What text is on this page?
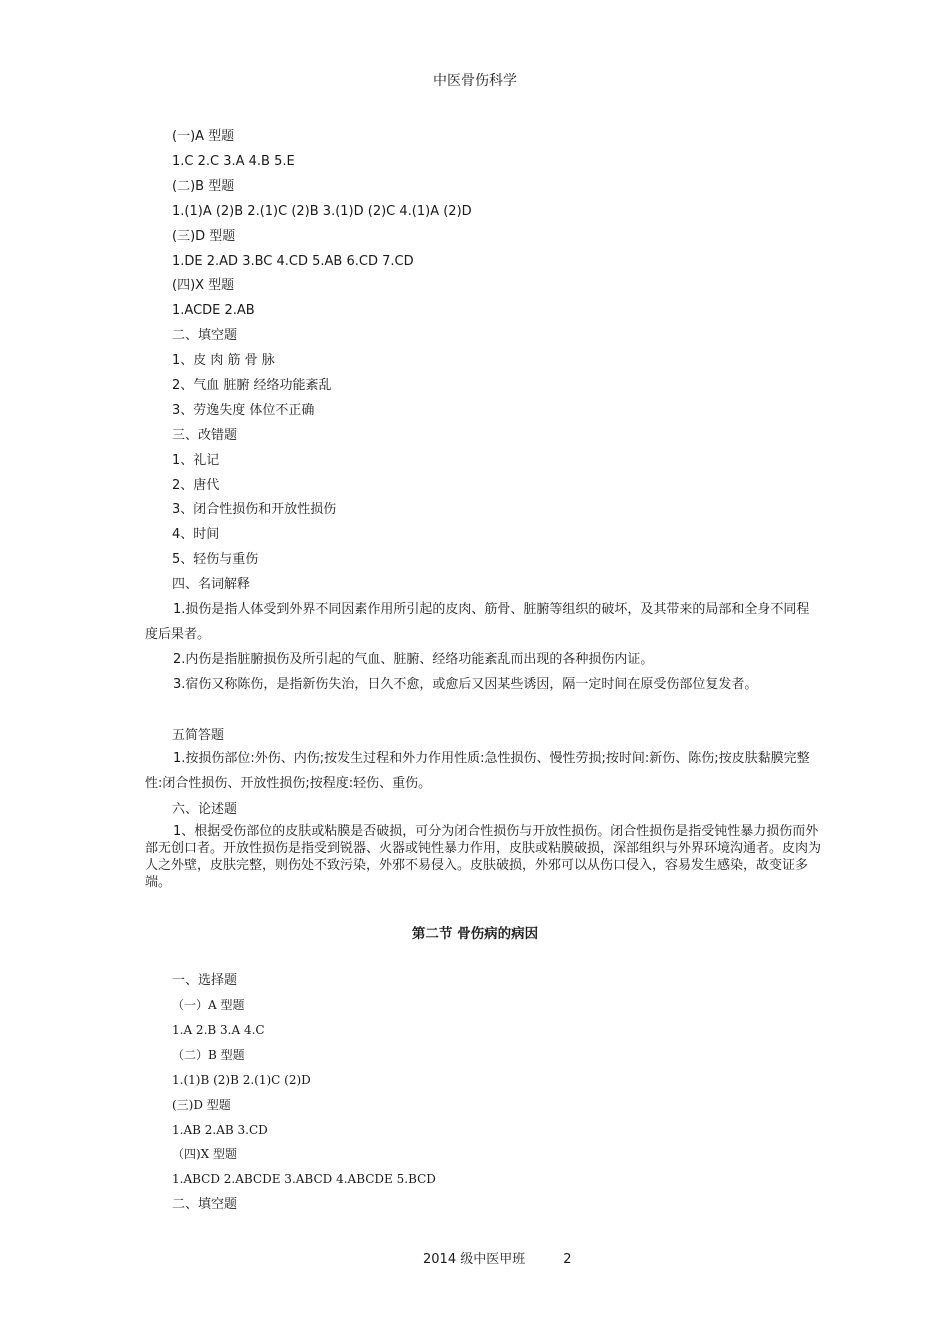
中医骨伤科学
(一)A 型题
1.C 2.C 3.A 4.B 5.E
(二)B 型题
1.(1)A (2)B 2.(1)C (2)B 3.(1)D (2)C 4.(1)A (2)D
(三)D 型题
1.DE 2.AD 3.BC 4.CD 5.AB 6.CD 7.CD
(四)X 型题
1.ACDE 2.AB
二、填空题
1、皮 肉 筋 骨 脉
2、气血 脏腑 经络功能紊乱
3、劳逸失度 体位不正确
三、改错题
1、礼记
2、唐代
3、闭合性损伤和开放性损伤
4、时间
5、轻伤与重伤
四、名词解释
1.损伤是指人体受到外界不同因素作用所引起的皮肉、筋骨、脏腑等组织的破坏，及其带来的局部和全身不同程度后果者。
2.内伤是指脏腑损伤及所引起的气血、脏腑、经络功能紊乱而出现的各种损伤内证。
3.宿伤又称陈伤，是指新伤失治，日久不愈，或愈后又因某些诱因，隔一定时间在原受伤部位复发者。
五简答题
1.按损伤部位:外伤、内伤;按发生过程和外力作用性质:急性损伤、慢性劳损;按时间:新伤、陈伤;按皮肤黏膜完整性:闭合性损伤、开放性损伤;按程度:轻伤、重伤。
六、论述题
1、根据受伤部位的皮肤或粘膜是否破损，可分为闭合性损伤与开放性损伤。闭合性损伤是指受钝性暴力损伤而外部无创口者。开放性损伤是指受到锐器、火器或钝性暴力作用，皮肤或粘膜破损，深部组织与外界环境沟通者。皮肉为人之外壁，皮肤完整，则伤处不致污染，外邪不易侵入。皮肤破损，外邪可以从伤口侵入，容易发生感染，故变证多端。
第二节 骨伤病的病因
一、选择题
（一）A 型题
1.A 2.B 3.A 4.C
（二）B 型题
1.(1)B (2)B 2.(1)C (2)D
(三)D 型题
1.AB 2.AB 3.CD
（四)X 型题
1.ABCD 2.ABCDE 3.ABCD 4.ABCDE 5.BCD
二、填空题
2014 级中医甲班	2
